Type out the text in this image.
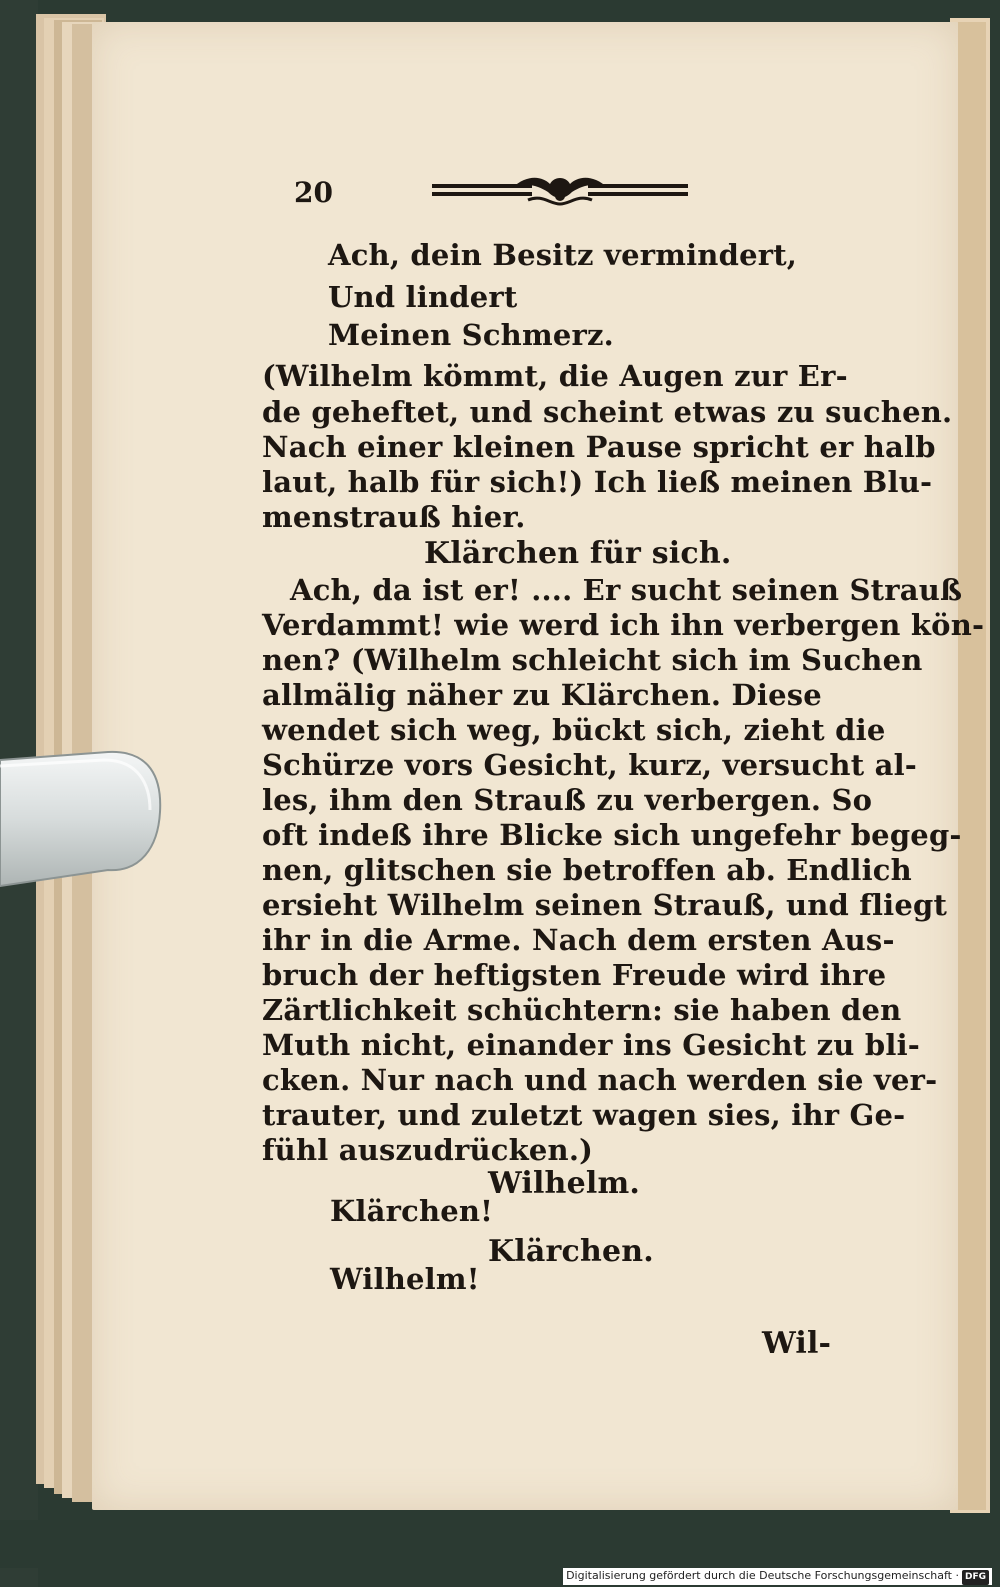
20
Ach, dein Besitz vermindert,
Und lindert
Meinen Schmerz.
(Wilhelm kömmt, die Augen zur Er-
de geheftet, und scheint etwas zu suchen.
Nach einer kleinen Pause spricht er halb
laut, halb für sich!) Ich ließ meinen Blu-
menstrauß hier.
Klärchen für sich.
Ach, da ist er! .... Er sucht seinen Strauß
Verdammt! wie werd ich ihn verbergen kön-
nen? (Wilhelm schleicht sich im Suchen
allmälig näher zu Klärchen. Diese
wendet sich weg, bückt sich, zieht die
Schürze vors Gesicht, kurz, versucht al-
les, ihm den Strauß zu verbergen. So
oft indeß ihre Blicke sich ungefehr begeg-
nen, glitschen sie betroffen ab. Endlich
ersieht Wilhelm seinen Strauß, und fliegt
ihr in die Arme. Nach dem ersten Aus-
bruch der heftigsten Freude wird ihre
Zärtlichkeit schüchtern: sie haben den
Muth nicht, einander ins Gesicht zu bli-
cken. Nur nach und nach werden sie ver-
trauter, und zuletzt wagen sies, ihr Ge-
fühl auszudrücken.)
Wilhelm.
Klärchen!
Klärchen.
Wilhelm!
Wil-
Digitalisierung gefördert durch die Deutsche Forschungsgemeinschaft · DFG
